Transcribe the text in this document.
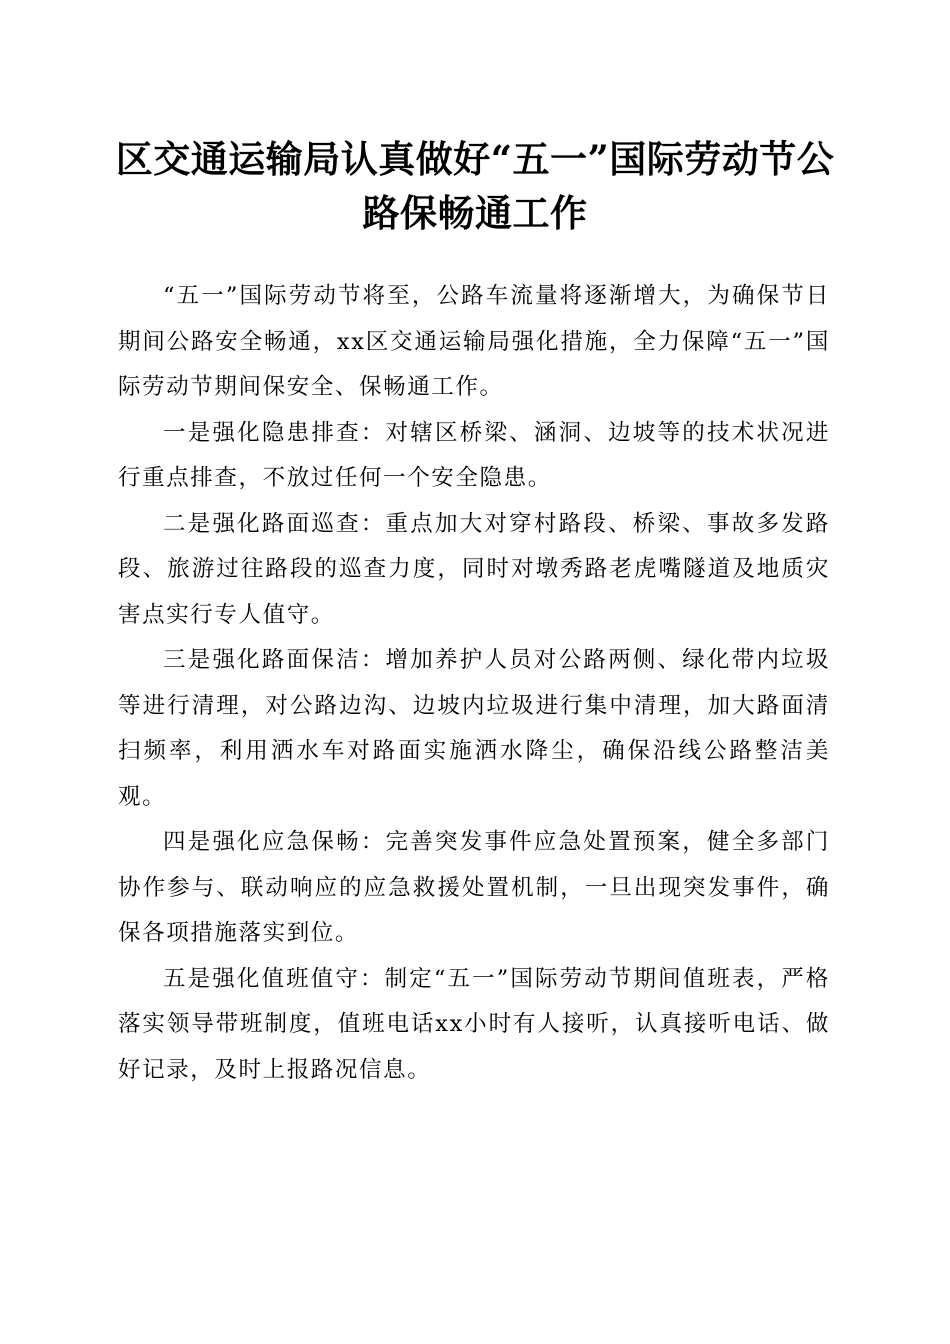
区交通运输局认真做好“五一”国际劳动节公路保畅通工作

“五一”国际劳动节将至，公路车流量将逐渐增大，为确保节日期间公路安全畅通，xx区交通运输局强化措施，全力保障“五一”国际劳动节期间保安全、保畅通工作。

一是强化隐患排查：对辖区桥梁、涵洞、边坡等的技术状况进行重点排查，不放过任何一个安全隐患。

二是强化路面巡查：重点加大对穿村路段、桥梁、事故多发路段、旅游过往路段的巡查力度，同时对墩秀路老虎嘴隧道及地质灾害点实行专人值守。

三是强化路面保洁：增加养护人员对公路两侧、绿化带内垃圾等进行清理，对公路边沟、边坡内垃圾进行集中清理，加大路面清扫频率，利用洒水车对路面实施洒水降尘，确保沿线公路整洁美观。

四是强化应急保畅：完善突发事件应急处置预案，健全多部门协作参与、联动响应的应急救援处置机制，一旦出现突发事件，确保各项措施落实到位。

五是强化值班值守：制定“五一”国际劳动节期间值班表，严格落实领导带班制度，值班电话xx小时有人接听，认真接听电话、做好记录，及时上报路况信息。
